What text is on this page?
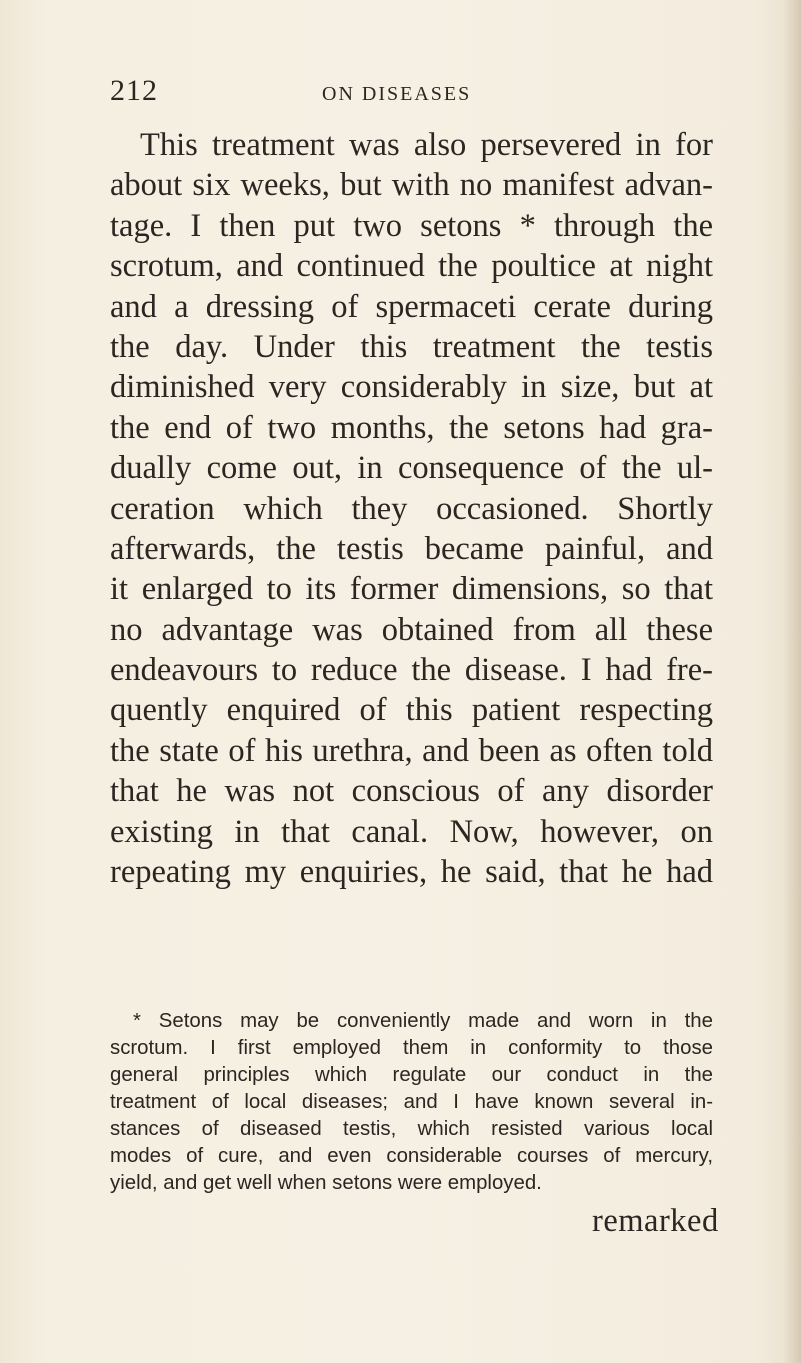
212	ON DISEASES
This treatment was also persevered in for
about six weeks, but with no manifest advan-
tage. I then put two setons * through the
scrotum, and continued the poultice at night
and a dressing of spermaceti cerate during
the day. Under this treatment the testis
diminished very considerably in size, but at
the end of two months, the setons had gra-
dually come out, in consequence of the ul-
ceration which they occasioned. Shortly
afterwards, the testis became painful, and
it enlarged to its former dimensions, so that
no advantage was obtained from all these
endeavours to reduce the disease. I had fre-
quently enquired of this patient respecting
the state of his urethra, and been as often told
that he was not conscious of any disorder
existing in that canal. Now, however, on
repeating my enquiries, he said, that he had
* Setons may be conveniently made and worn in the
scrotum. I first employed them in conformity to those
general principles which regulate our conduct in the
treatment of local diseases; and I have known several in-
stances of diseased testis, which resisted various local
modes of cure, and even considerable courses of mercury,
yield, and get well when setons were employed.
remarked
